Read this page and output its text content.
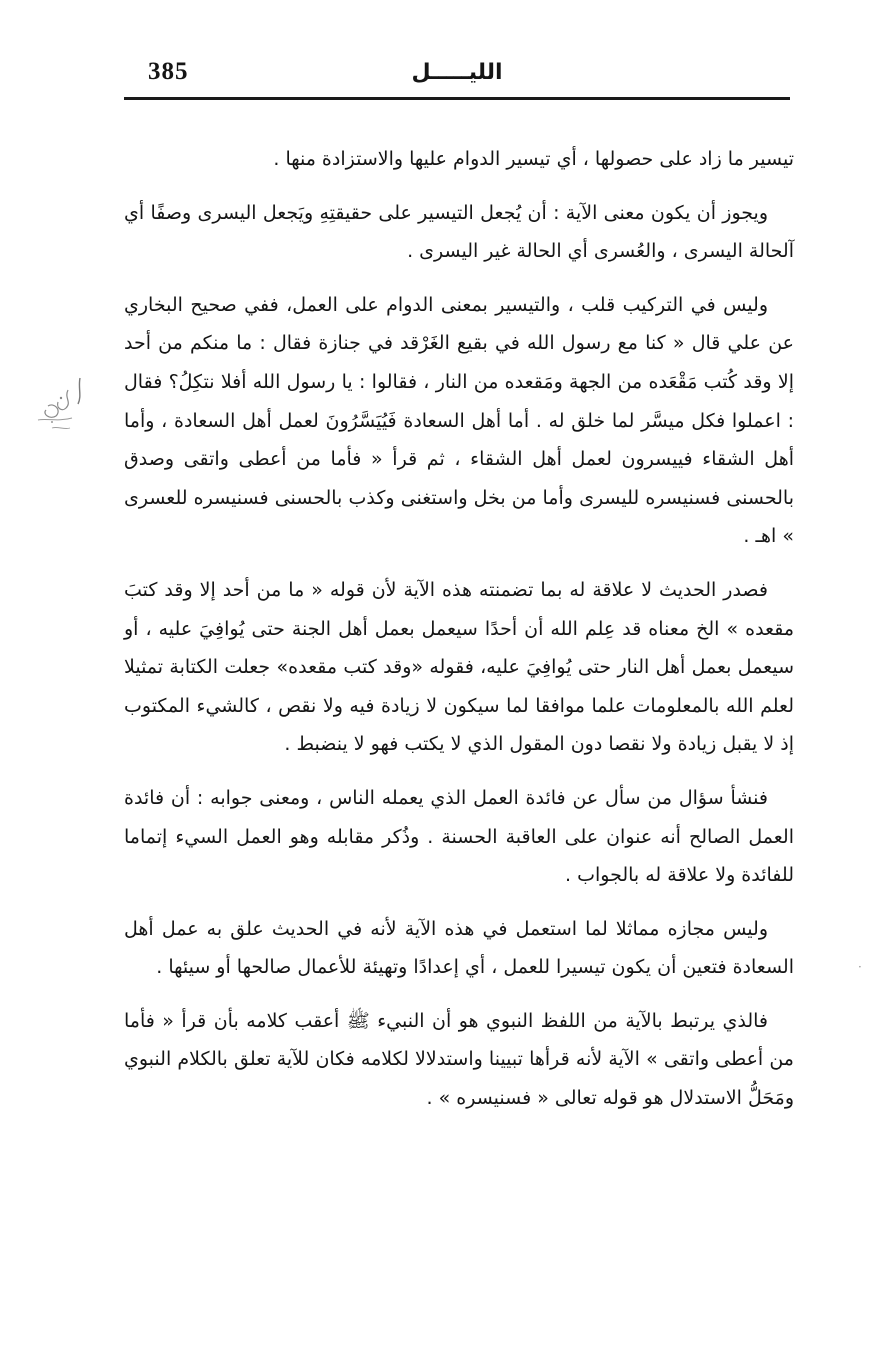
385	الليـــــل
·

تيسير ما زاد على حصولها ، أي تيسير الدوام عليها والاستزادة منها .

ويجوز أن يكون معنى الآية : أن يُجعل التيسير على حقيقتِهِ ويَجعل اليسرى وصفًا أي آلحالة اليسرى ، والعُسرى أي الحالة غير اليسرى .

وليس في التركيب قلب ، والتيسير بمعنى الدوام على العمل، ففي صحيح البخاري عن علي قال « كنا مع رسول الله في بقيع الغَرْقد في جنازة فقال : ما منكم من أحد إلا وقد كُتب مَقْعَده من الجهة ومَقعده من النار ، فقالوا : يا رسول الله أفلا نتكِلُ؟ فقال : اعملوا فكل ميسَّر لما خلق له . أما أهل السعادة فَيُيَسَّرُونَ لعمل أهل السعادة ، وأما أهل الشقاء فييسرون لعمل أهل الشقاء ، ثم قرأ « فأما من أعطى واتقى وصدق بالحسنى فسنيسره لليسرى وأما من بخل واستغنى وكذب بالحسنى فسنيسره للعسرى » اهـ .

فصدر الحديث لا علاقة له بما تضمنته هذه الآية لأن قوله « ما من أحد إلا وقد كتبَ مقعده » الخ معناه قد عِلم الله أن أحدًا سيعمل بعمل أهل الجنة حتى يُوافِيَ عليه ، أو سيعمل بعمل أهل النار حتى يُوافِيَ عليه، فقوله «وقد كتب مقعده» جعلت الكتابة تمثيلا لعلم الله بالمعلومات علما موافقا لما سيكون لا زيادة فيه ولا نقص ، كالشيء المكتوب إذ لا يقبل زيادة ولا نقصا دون المقول الذي لا يكتب فهو لا ينضبط .

فنشأ سؤال من سأل عن فائدة العمل الذي يعمله الناس ، ومعنى جوابه : أن فائدة العمل الصالح أنه عنوان على العاقبة الحسنة . وذُكر مقابله وهو العمل السيء إتماما للفائدة ولا علاقة له بالجواب .

وليس مجازه مماثلا لما استعمل في هذه الآية لأنه في الحديث علق به عمل أهل السعادة فتعين أن يكون تيسيرا للعمل ، أي إعدادًا وتهيئة للأعمال صالحها أو سيئها .

فالذي يرتبط بالآية من اللفظ النبوي هو أن النبيء ﷺ أعقب كلامه بأن قرأ « فأما من أعطى واتقى » الآية لأنه قرأها تبيينا واستدلالا لكلامه فكان للآية تعلق بالكلام النبوي ومَحَلُّ الاستدلال هو قوله تعالى « فسنيسره » .
